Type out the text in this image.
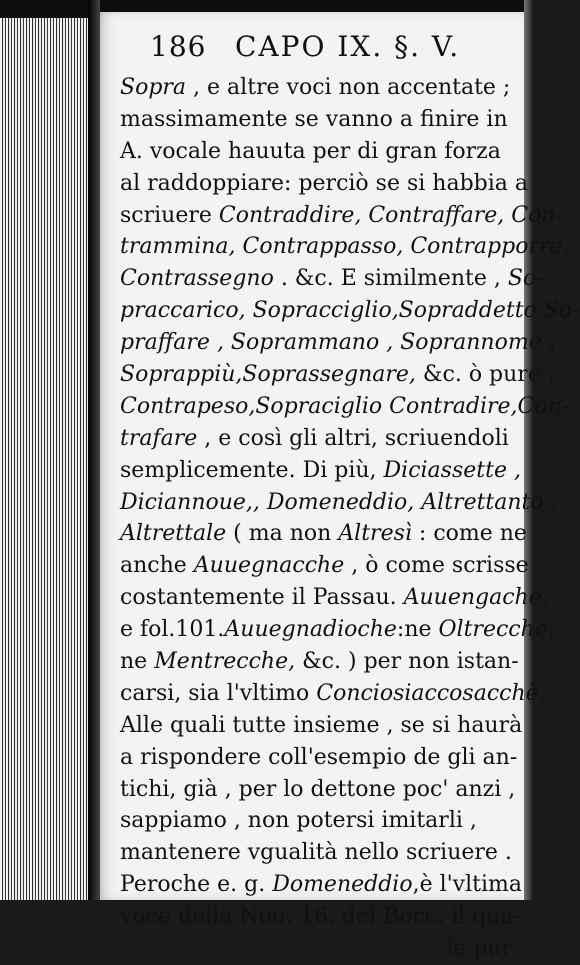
186	CAPO IX. §. V.
Sopra , e altre voci non accentate ;
massimamente se vanno a finire in
A. vocale hauuta per di gran forza
al raddoppiare: perciò se si habbia a
scriuere Contraddire, Contraffare, Con-
trammina, Contrappasso, Contrapporre,
Contrassegno . &c. E similmente , So-
praccarico, Sopracciglio,Sopraddetto So-
praffare , Soprammano , Soprannome ,
Soprappiù,Soprassegnare, &c. ò pure ,
Contrapeso,Sopraciglio Contradire,Con-
trafare , e così gli altri, scriuendoli
semplicemente. Di più, Diciassette ,
Diciannoue,, Domeneddio, Altrettanto ,
Altrettale ( ma non Altresì : come ne
anche Auuegnacche , ò come scrisse
costantemente il Passau. Auuengache,
e fol.101.Auuegnadioche:ne Oltrecche,
ne Mentrecche, &c. ) per non istan-
carsi, sia l'vltimo Conciosiaccosacchè.
Alle quali tutte insieme , se si haurà
a rispondere coll'esempio de gli an-
tichi, già , per lo dettone poc' anzi ,
sappiamo , non potersi imitarli ,
mantenere vgualità nello scriuere .
Peroche e. g. Domeneddio,è l'vltima
voce della Nou. 16. del Bocc. il qua-
le pur
